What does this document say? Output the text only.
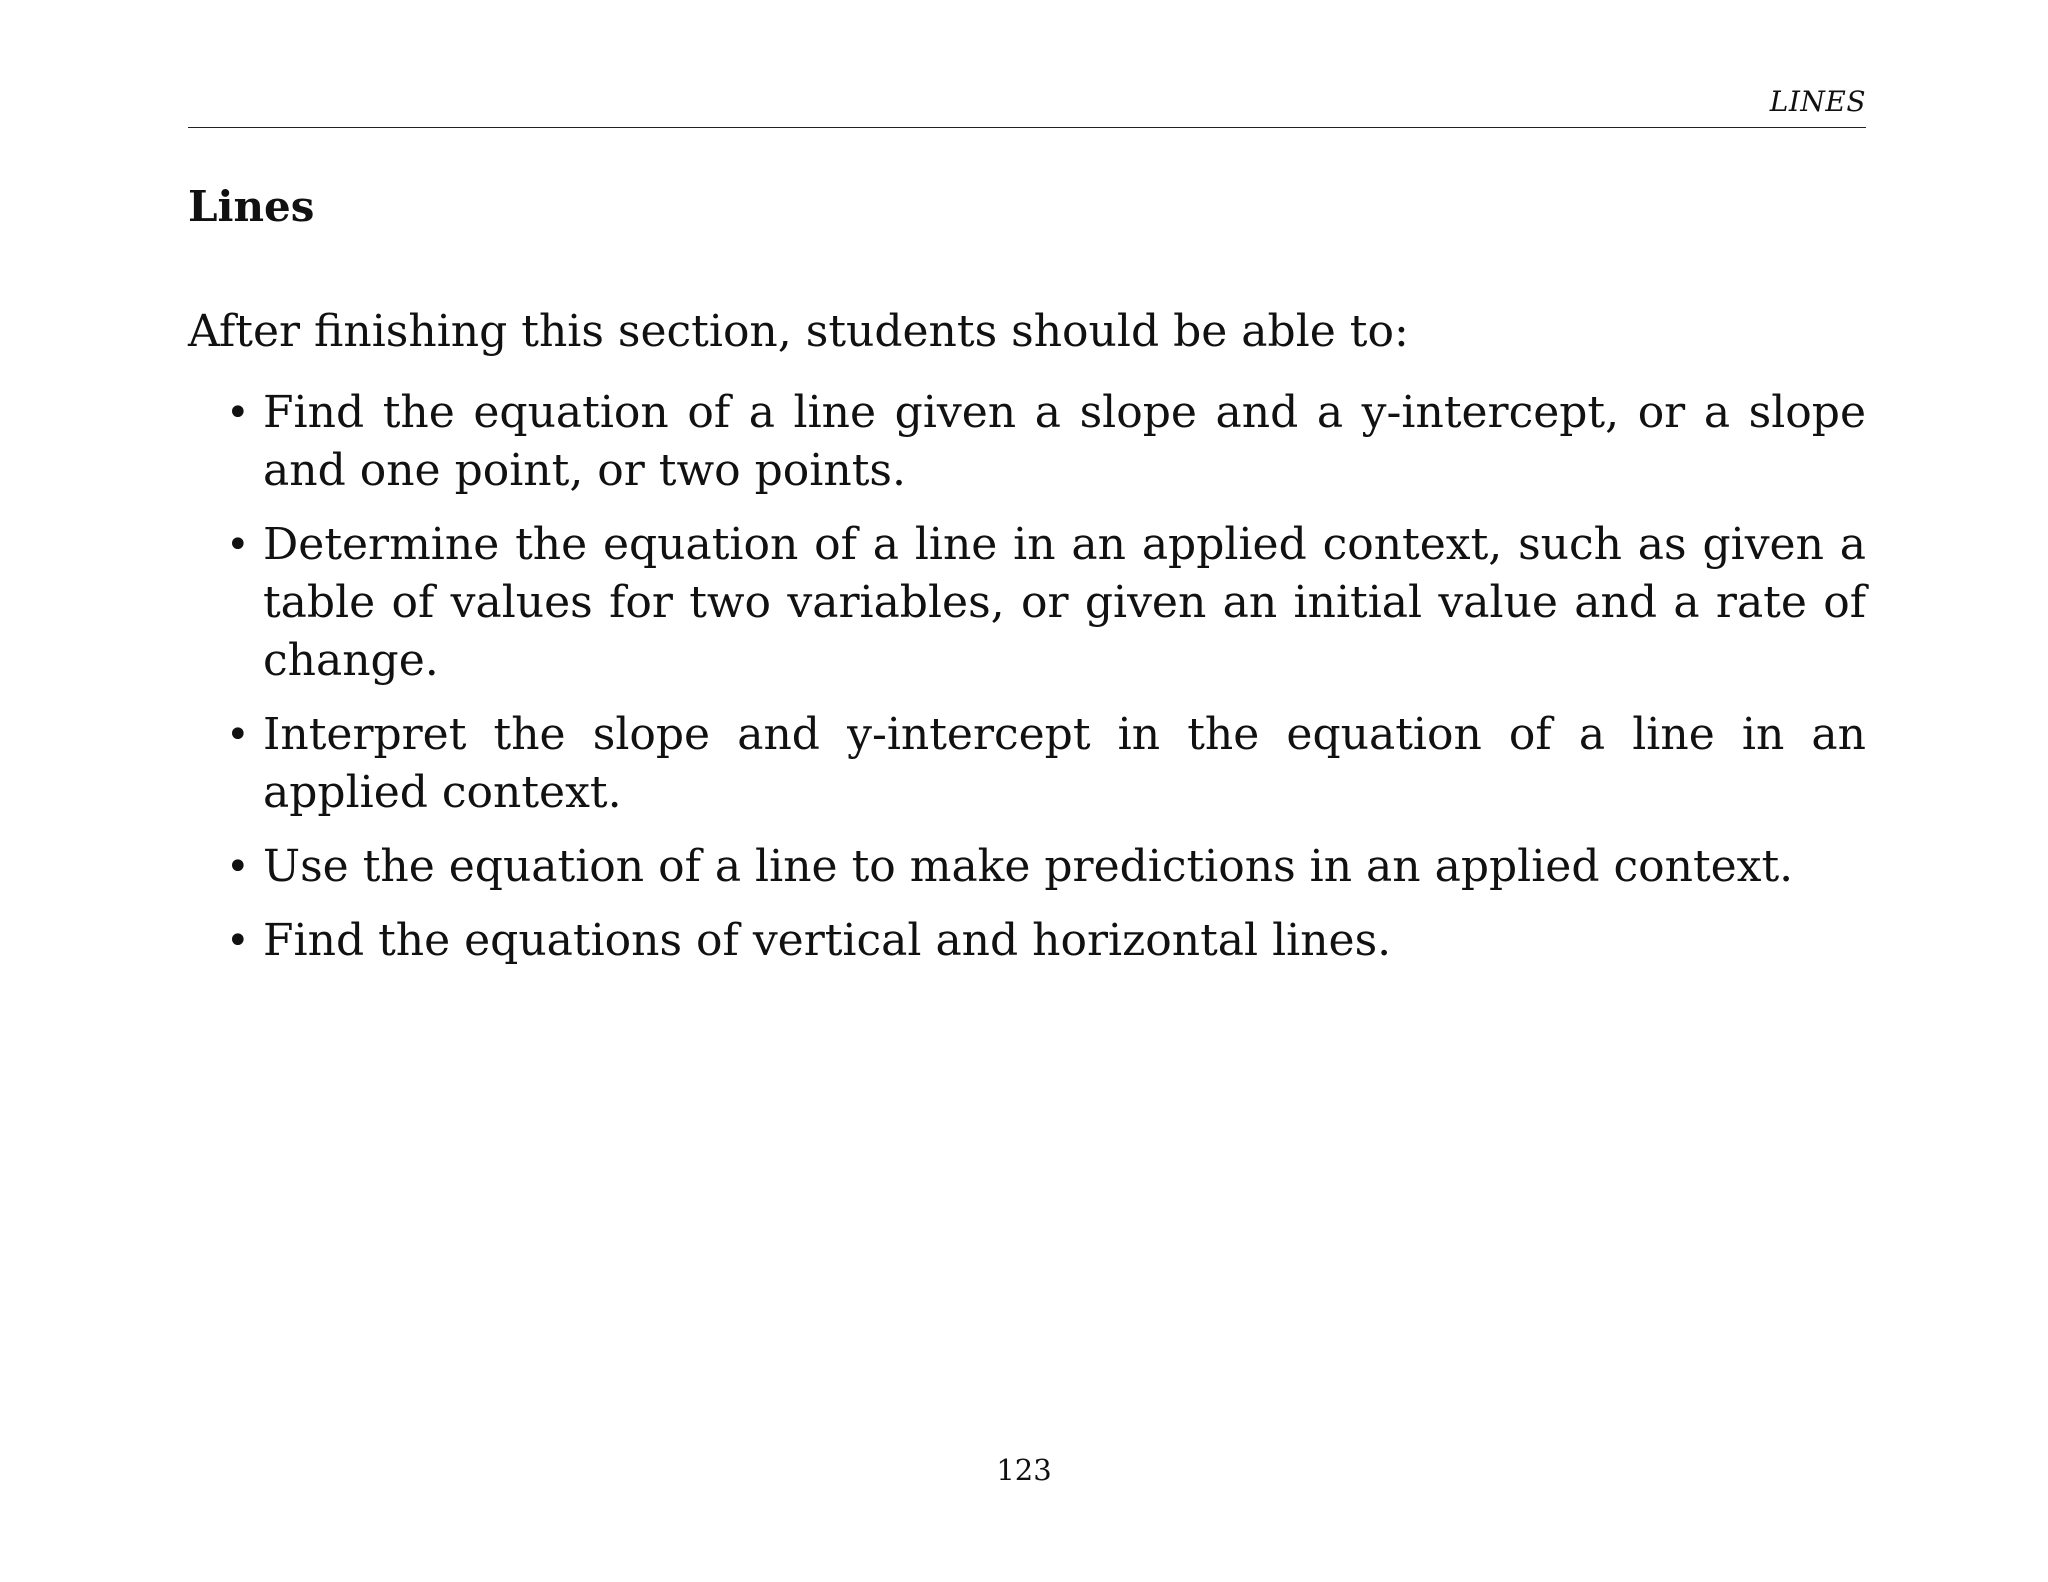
LINES
Lines

After finishing this section, students should be able to:

• Find the equation of a line given a slope and a y-intercept, or a slope and one point, or two points.
• Determine the equation of a line in an applied context, such as given a table of values for two variables, or given an initial value and a rate of change.
• Interpret the slope and y-intercept in the equation of a line in an applied context.
• Use the equation of a line to make predictions in an applied context.
• Find the equations of vertical and horizontal lines.
123
